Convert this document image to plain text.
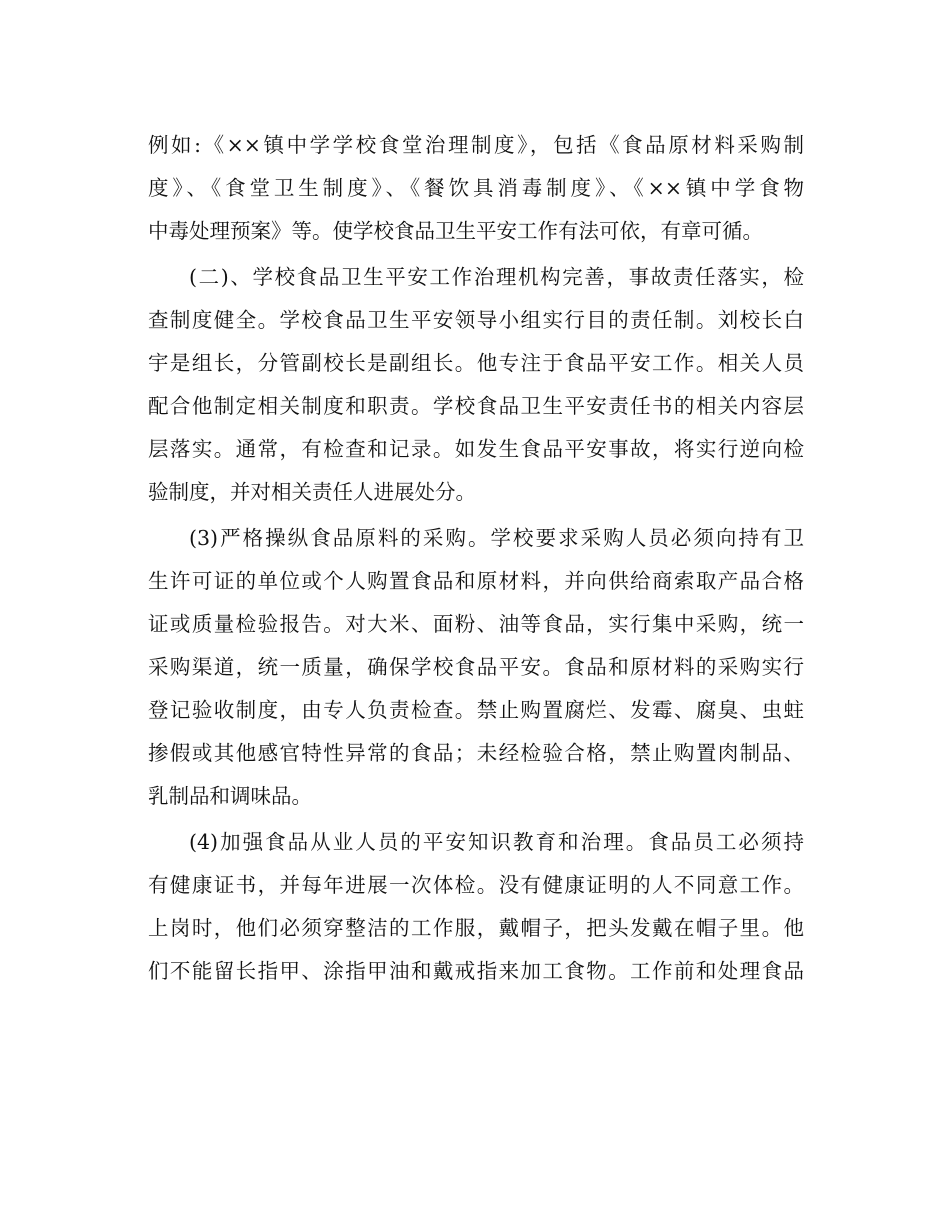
例如:《××镇中学学校食堂治理制度》，包括《食品原材料采购制
度》、《食堂卫生制度》、《餐饮具消毒制度》、《××镇中学食物
中毒处理预案》等。使学校食品卫生平安工作有法可依，有章可循。
(二)、学校食品卫生平安工作治理机构完善，事故责任落实，检
查制度健全。学校食品卫生平安领导小组实行目的责任制。刘校长白
宇是组长，分管副校长是副组长。他专注于食品平安工作。相关人员
配合他制定相关制度和职责。学校食品卫生平安责任书的相关内容层
层落实。通常，有检查和记录。如发生食品平安事故，将实行逆向检
验制度，并对相关责任人进展处分。
(3)严格操纵食品原料的采购。学校要求采购人员必须向持有卫
生许可证的单位或个人购置食品和原材料，并向供给商索取产品合格
证或质量检验报告。对大米、面粉、油等食品，实行集中采购，统一
采购渠道，统一质量，确保学校食品平安。食品和原材料的采购实行
登记验收制度，由专人负责检查。禁止购置腐烂、发霉、腐臭、虫蛀
掺假或其他感官特性异常的食品；未经检验合格，禁止购置肉制品、
乳制品和调味品。
(4)加强食品从业人员的平安知识教育和治理。食品员工必须持
有健康证书，并每年进展一次体检。没有健康证明的人不同意工作。
上岗时，他们必须穿整洁的工作服，戴帽子，把头发戴在帽子里。他
们不能留长指甲、涂指甲油和戴戒指来加工食物。工作前和处理食品
